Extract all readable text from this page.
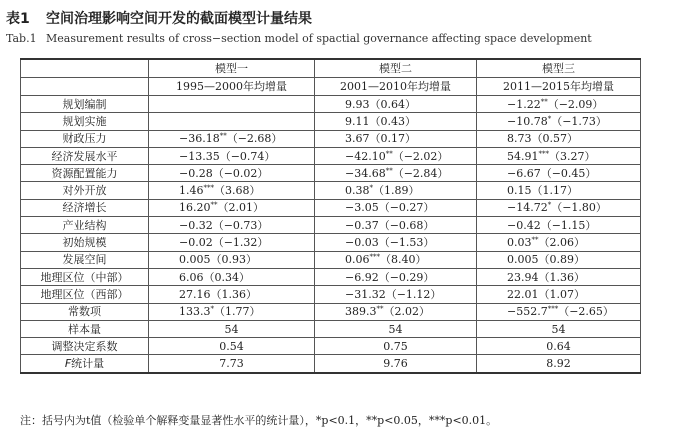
表1 空间治理影响空间开发的截面模型计量结果
Tab.1 Measurement results of cross−section model of spactial governance affecting space development
	模型一	模型二	模型三
	1995—2000年均增量	2001—2010年均增量	2011—2015年均增量
规划编制		9.93（0.64）	−1.22**（−2.09）
规划实施		9.11（0.43）	−10.78*（−1.73）
财政压力	−36.18**（−2.68）	3.67（0.17）	8.73（0.57）
经济发展水平	−13.35（−0.74）	−42.10**（−2.02）	54.91***（3.27）
资源配置能力	−0.28（−0.02）	−34.68**（−2.84）	−6.67（−0.45）
对外开放	1.46***（3.68）	0.38*（1.89）	0.15（1.17）
经济增长	16.20**（2.01）	−3.05（−0.27）	−14.72*（−1.80）
产业结构	−0.32（−0.73）	−0.37（−0.68）	−0.42（−1.15）
初始规模	−0.02（−1.32）	−0.03（−1.53）	0.03**（2.06）
发展空间	0.005（0.93）	0.06***（8.40）	0.005（0.89）
地理区位（中部）	6.06（0.34）	−6.92（−0.29）	23.94（1.36）
地理区位（西部）	27.16（1.36）	−31.32（−1.12）	22.01（1.07）
常数项	133.3*（1.77）	389.3**（2.02）	−552.7***（−2.65）
样本量	54	54	54
调整决定系数	0.54	0.75	0.64
F统计量	7.73	9.76	8.92
注：括号内为t值（检验单个解释变量显著性水平的统计量），*p<0.1，**p<0.05，***p<0.01。
